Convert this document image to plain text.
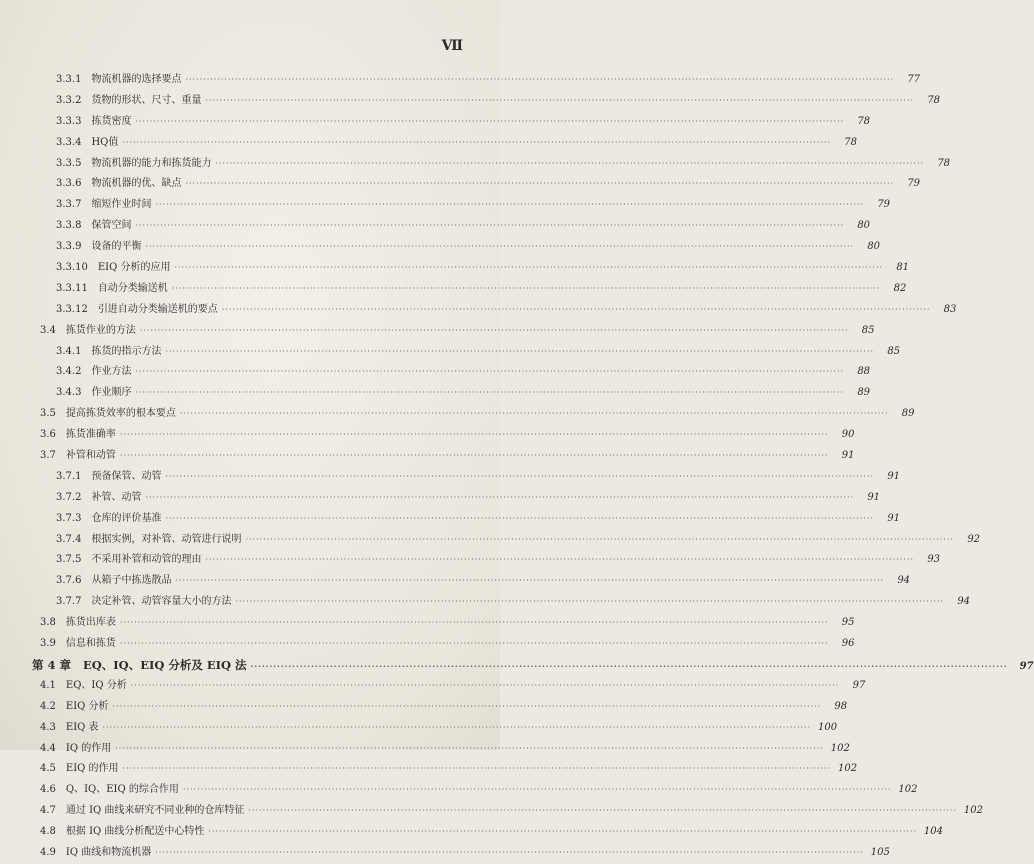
Ⅶ
3.3.1 物流机器的选择要点 ········································································································································································································	77
3.3.2 货物的形状、尺寸、重量 ········································································································································································································	78
3.3.3 拣货密度 ········································································································································································································	78
3.3.4 HQ值 ········································································································································································································	78
3.3.5 物流机器的能力和拣货能力 ········································································································································································································	78
3.3.6 物流机器的优、缺点 ········································································································································································································	79
3.3.7 缩短作业时间 ········································································································································································································	79
3.3.8 保管空间 ········································································································································································································	80
3.3.9 设备的平衡 ········································································································································································································	80
3.3.10 EIQ 分析的应用 ········································································································································································································	81
3.3.11 自动分类输送机 ········································································································································································································	82
3.3.12 引进自动分类输送机的要点 ········································································································································································································	83
3.4 拣货作业的方法 ········································································································································································································	85
3.4.1 拣货的指示方法 ········································································································································································································	85
3.4.2 作业方法 ········································································································································································································	88
3.4.3 作业顺序 ········································································································································································································	89
3.5 提高拣货效率的根本要点 ········································································································································································································	89
3.6 拣货准确率 ········································································································································································································	90
3.7 补管和动管 ········································································································································································································	91
3.7.1 预备保管、动管 ········································································································································································································	91
3.7.2 补管、动管 ········································································································································································································	91
3.7.3 仓库的评价基准 ········································································································································································································	91
3.7.4 根据实例，对补管、动管进行说明 ········································································································································································································	92
3.7.5 不采用补管和动管的理由 ········································································································································································································	93
3.7.6 从箱子中拣选散品 ········································································································································································································	94
3.7.7 决定补管、动管容量大小的方法 ········································································································································································································	94
3.8 拣货出库表 ········································································································································································································	95
3.9 信息和拣货 ········································································································································································································	96
第 4 章 EQ、IQ、EIQ 分析及 EIQ 法 ········································································································································································································	97
4.1 EQ、IQ 分析 ········································································································································································································	97
4.2 EIQ 分析 ········································································································································································································	98
4.3 EIQ 表 ········································································································································································································ 100
4.4 IQ 的作用 ········································································································································································································ 102
4.5 EIQ 的作用 ········································································································································································································ 102
4.6 Q、IQ、EIQ 的综合作用 ········································································································································································································ 102
4.7 通过 IQ 曲线来研究不同业种的仓库特征 ········································································································································································································ 102
4.8 根据 IQ 曲线分析配送中心特性 ········································································································································································································ 104
4.9 IQ 曲线和物流机器 ········································································································································································································ 105
